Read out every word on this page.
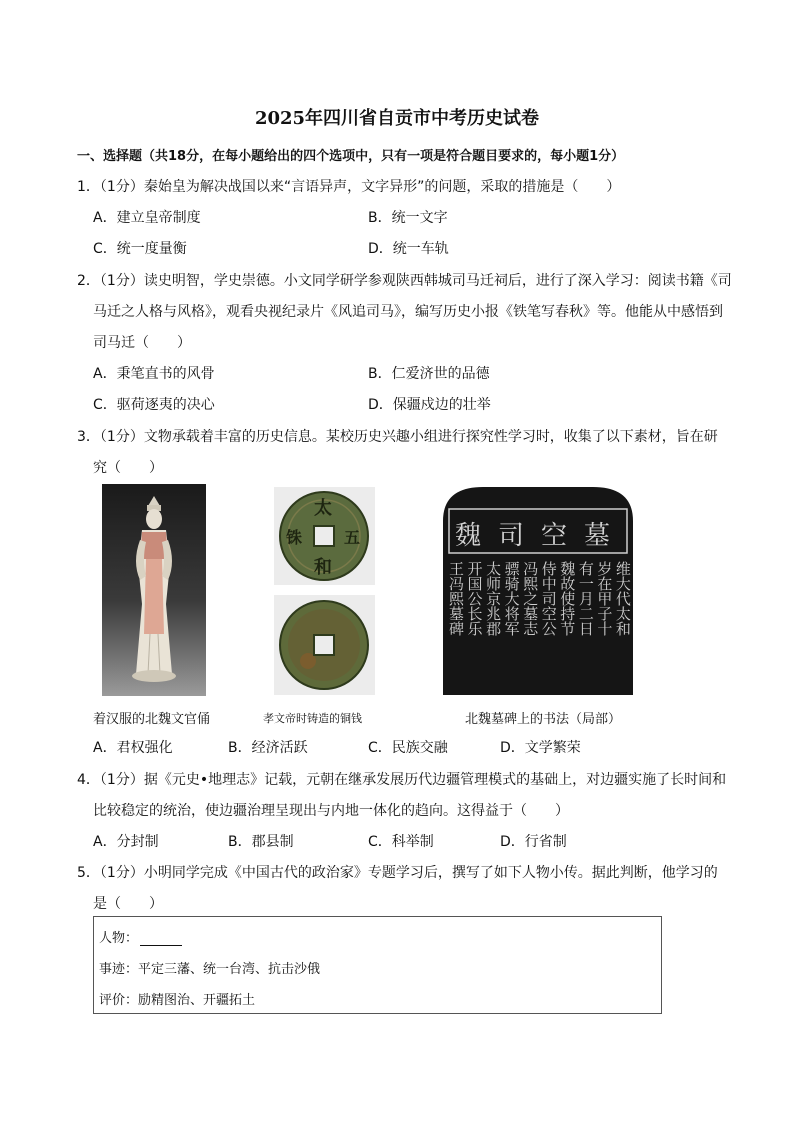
2025年四川省自贡市中考历史试卷
一、选择题（共18分，在每小题给出的四个选项中，只有一项是符合题目要求的，每小题1分）
1．（1分）秦始皇为解决战国以来“言语异声，文字异形”的问题，采取的措施是（　　）
A．建立皇帝制度	B．统一文字
C．统一度量衡	D．统一车轨
2．（1分）读史明智，学史崇德。小文同学研学参观陕西韩城司马迁祠后，进行了深入学习：阅读书籍《司
马迁之人格与风格》，观看央视纪录片《风追司马》，编写历史小报《铁笔写春秋》等。他能从中感悟到
司马迁（　　）
A．秉笔直书的风骨	B．仁爱济世的品德
C．驱荷逐夷的决心	D．保疆戍边的壮举
3．（1分）文物承载着丰富的历史信息。某校历史兴趣小组进行探究性学习时，收集了以下素材，旨在研
究（　　）
太
和
铢	五	魏 司 空 墓
维大代太和
岁在甲子十
有一月二日
魏故使持节
侍中司空公
冯熙之墓志
骠骑大将军
太师京兆郡
开国公长乐
王冯熙墓碑
着汉服的北魏文官俑	孝文帝时铸造的铜钱	北魏墓碑上的书法（局部）
A．君权强化	B．经济活跃	C．民族交融	D．文学繁荣
4．（1分）据《元史•地理志》记载，元朝在继承发展历代边疆管理模式的基础上，对边疆实施了长时间和
比较稳定的统治，使边疆治理呈现出与内地一体化的趋向。这得益于（　　）
A．分封制	B．郡县制	C．科举制	D．行省制
5．（1分）小明同学完成《中国古代的政治家》专题学习后，撰写了如下人物小传。据此判断，他学习的
是（　　）
人物：
事迹：平定三藩、统一台湾、抗击沙俄
评价：励精图治、开疆拓土
